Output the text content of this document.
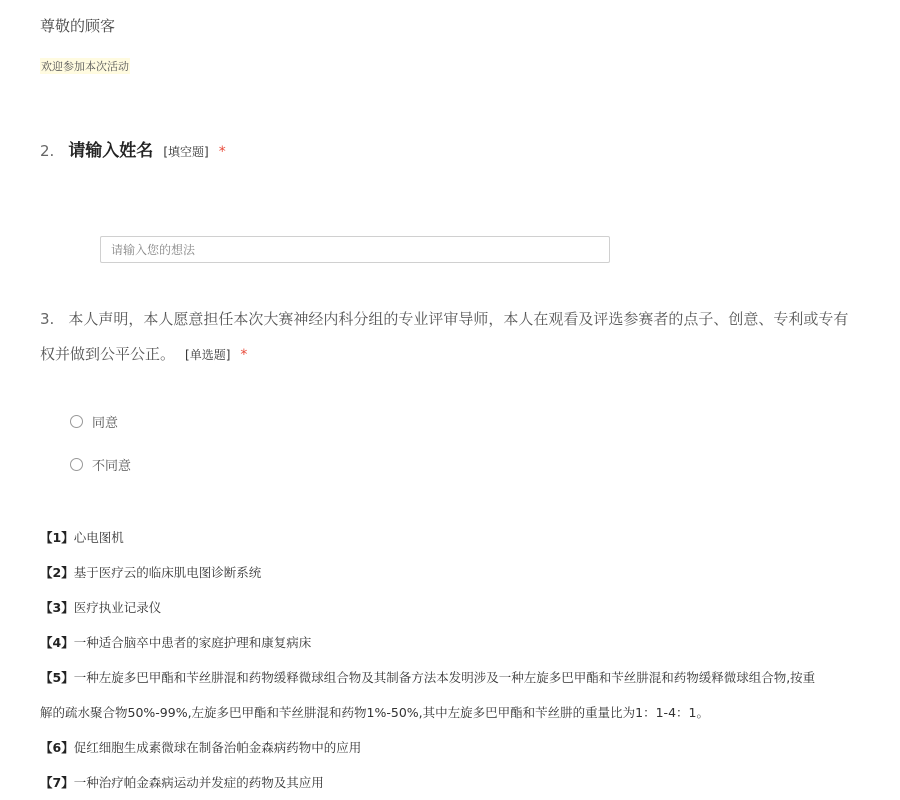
尊敬的顾客
欢迎参加本次活动
2. 请输入姓名 [填空题] *
请输入您的想法
3. 本人声明，本人愿意担任本次大赛神经内科分组的专业评审导师，本人在观看及评选参赛者的点子、创意、专利或专有
权并做到公平公正。 [单选题] *
同意
不同意
【1】心电图机
【2】基于医疗云的临床肌电图诊断系统
【3】医疗执业记录仪
【4】一种适合脑卒中患者的家庭护理和康复病床
【5】一种左旋多巴甲酯和苄丝肼混和药物缓释微球组合物及其制备方法本发明涉及一种左旋多巴甲酯和苄丝肼混和药物缓释微球组合物,按重
解的疏水聚合物50%-99%,左旋多巴甲酯和苄丝肼混和药物1%-50%,其中左旋多巴甲酯和苄丝肼的重量比为1：1-4：1。
【6】促红细胞生成素微球在制备治帕金森病药物中的应用
【7】一种治疗帕金森病运动并发症的药物及其应用
